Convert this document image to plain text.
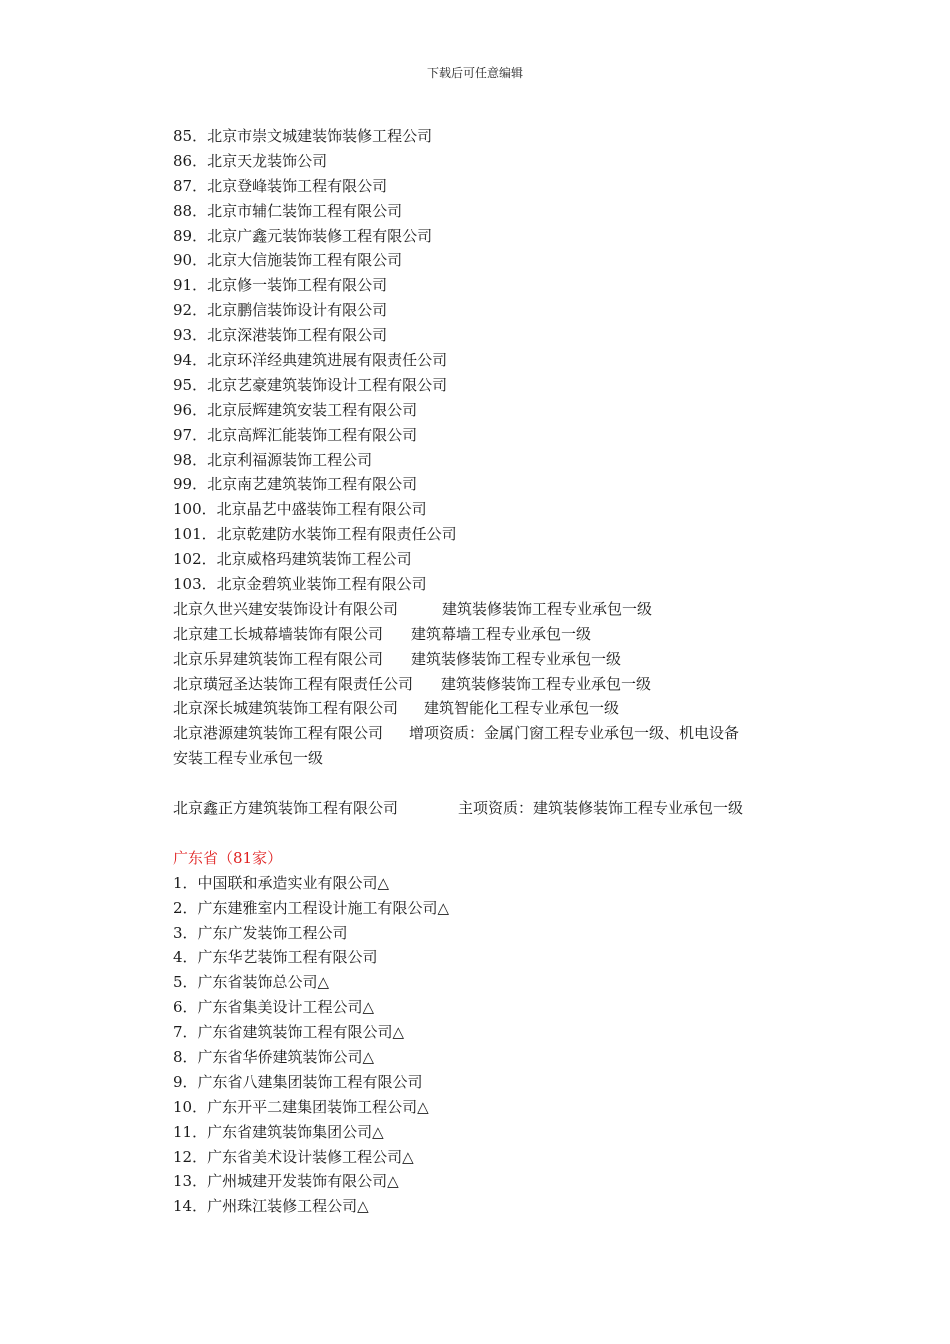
下载后可任意编辑
85．北京市崇文城建装饰装修工程公司
86．北京天龙装饰公司
87．北京登峰装饰工程有限公司
88．北京市辅仁装饰工程有限公司
89．北京广鑫元装饰装修工程有限公司
90．北京大信施装饰工程有限公司
91．北京修一装饰工程有限公司
92．北京鹏信装饰设计有限公司
93．北京深港装饰工程有限公司
94．北京环洋经典建筑进展有限责任公司
95．北京艺豪建筑装饰设计工程有限公司
96．北京辰辉建筑安装工程有限公司
97．北京高辉汇能装饰工程有限公司
98．北京利福源装饰工程公司
99．北京南艺建筑装饰工程有限公司
100．北京晶艺中盛装饰工程有限公司
101．北京乾建防水装饰工程有限责任公司
102．北京威格玛建筑装饰工程公司
103．北京金碧筑业装饰工程有限公司
北京久世兴建安装饰设计有限公司	建筑装修装饰工程专业承包一级
北京建工长城幕墙装饰有限公司 建筑幕墙工程专业承包一级
北京乐昇建筑装饰工程有限公司 建筑装修装饰工程专业承包一级
北京璜冠圣达装饰工程有限责任公司 建筑装修装饰工程专业承包一级
北京深长城建筑装饰工程有限公司 建筑智能化工程专业承包一级
北京港源建筑装饰工程有限公司 增项资质：金属门窗工程专业承包一级、机电设备
安装工程专业承包一级
北京鑫正方建筑装饰工程有限公司	主项资质：建筑装修装饰工程专业承包一级
广东省（81家）
1．中国联和承造实业有限公司△
2．广东建雅室内工程设计施工有限公司△
3．广东广发装饰工程公司
4．广东华艺装饰工程有限公司
5．广东省装饰总公司△
6．广东省集美设计工程公司△
7．广东省建筑装饰工程有限公司△
8．广东省华侨建筑装饰公司△
9．广东省八建集团装饰工程有限公司
10．广东开平二建集团装饰工程公司△
11．广东省建筑装饰集团公司△
12．广东省美术设计装修工程公司△
13．广州城建开发装饰有限公司△
14．广州珠江装修工程公司△
